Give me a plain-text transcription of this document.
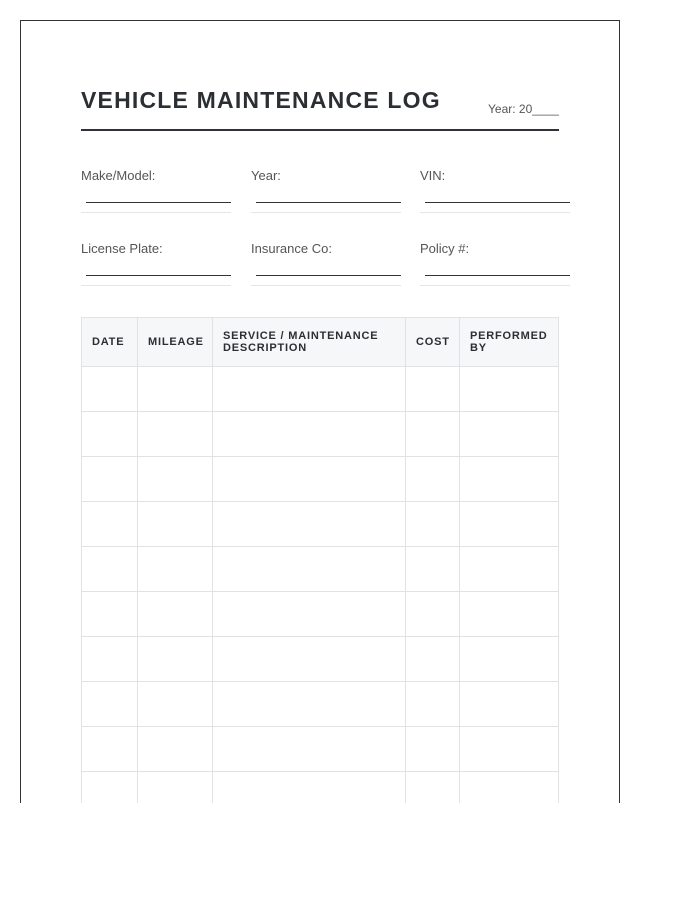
VEHICLE MAINTENANCE LOG	Year: 20____
Make/Model:	Year:	VIN:
License Plate:	Insurance Co:	Policy #:
DATE	MILEAGE	SERVICE / MAINTENANCE DESCRIPTION	COST	PERFORMED BY
